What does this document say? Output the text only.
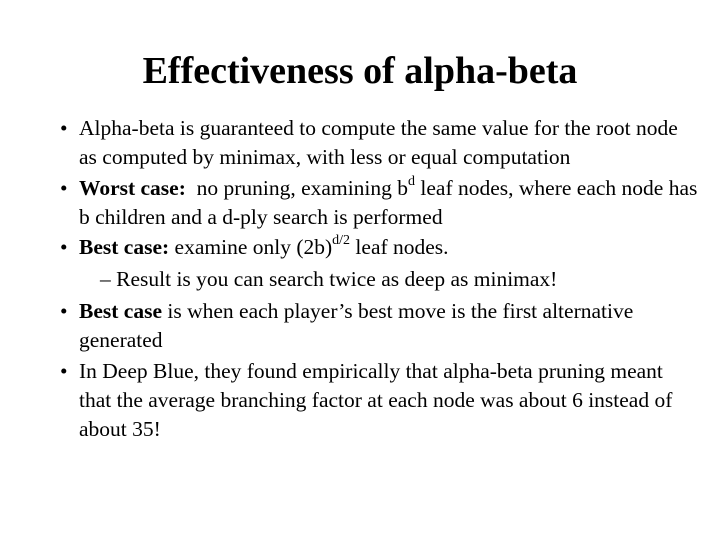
Effectiveness of alpha-beta

• Alpha-beta is guaranteed to compute the same value for the root node as computed by minimax, with less or equal computation

• Worst case:  no pruning, examining $b^d$ leaf nodes, where each node has b children and a d-ply search is performed

• Best case: examine only $(2b)^{d/2}$ leaf nodes.

– Result is you can search twice as deep as minimax!

• Best case is when each player’s best move is the first alternative generated

• In Deep Blue, they found empirically that alpha-beta pruning meant that the average branching factor at each node was about 6 instead of about 35!
